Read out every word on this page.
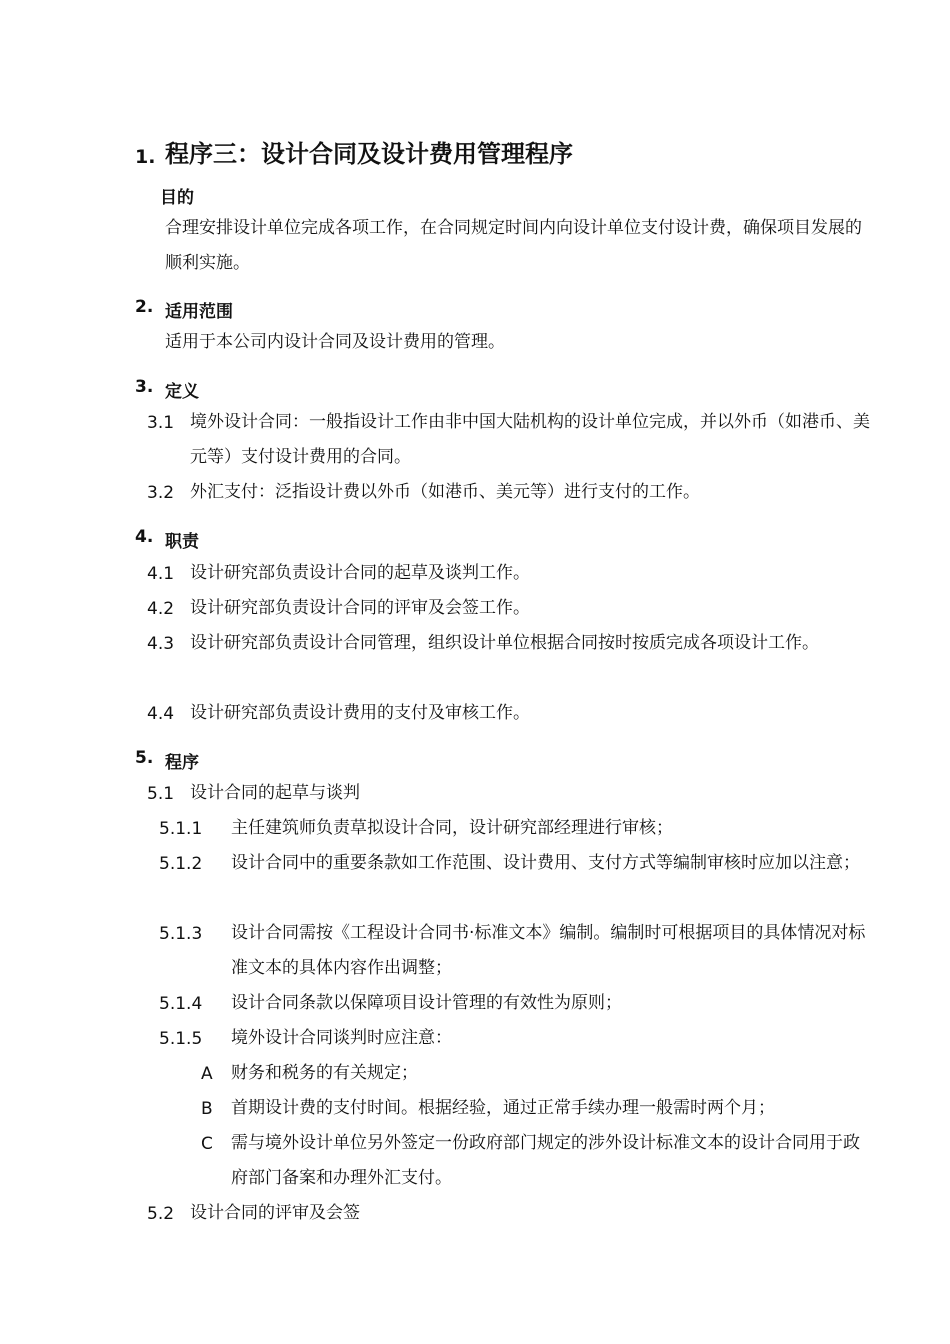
1. 程序三：设计合同及设计费用管理程序
目的
合理安排设计单位完成各项工作，在合同规定时间内向设计单位支付设计费，确保项目发展的顺利实施。
2. 适用范围
适用于本公司内设计合同及设计费用的管理。
3. 定义
3.1 境外设计合同：一般指设计工作由非中国大陆机构的设计单位完成，并以外币（如港币、美元等）支付设计费用的合同。
3.2 外汇支付：泛指设计费以外币（如港币、美元等）进行支付的工作。
4. 职责
4.1 设计研究部负责设计合同的起草及谈判工作。
4.2 设计研究部负责设计合同的评审及会签工作。
4.3 设计研究部负责设计合同管理，组织设计单位根据合同按时按质完成各项设计工作。
4.4 设计研究部负责设计费用的支付及审核工作。
5. 程序
5.1 设计合同的起草与谈判
5.1.1 主任建筑师负责草拟设计合同，设计研究部经理进行审核；
5.1.2 设计合同中的重要条款如工作范围、设计费用、支付方式等编制审核时应加以注意；
5.1.3 设计合同需按《工程设计合同书·标准文本》编制。编制时可根据项目的具体情况对标准文本的具体内容作出调整；
5.1.4 设计合同条款以保障项目设计管理的有效性为原则；
5.1.5 境外设计合同谈判时应注意：
A 财务和税务的有关规定；
B 首期设计费的支付时间。根据经验，通过正常手续办理一般需时两个月；
C 需与境外设计单位另外签定一份政府部门规定的涉外设计标准文本的设计合同用于政府部门备案和办理外汇支付。
5.2 设计合同的评审及会签
